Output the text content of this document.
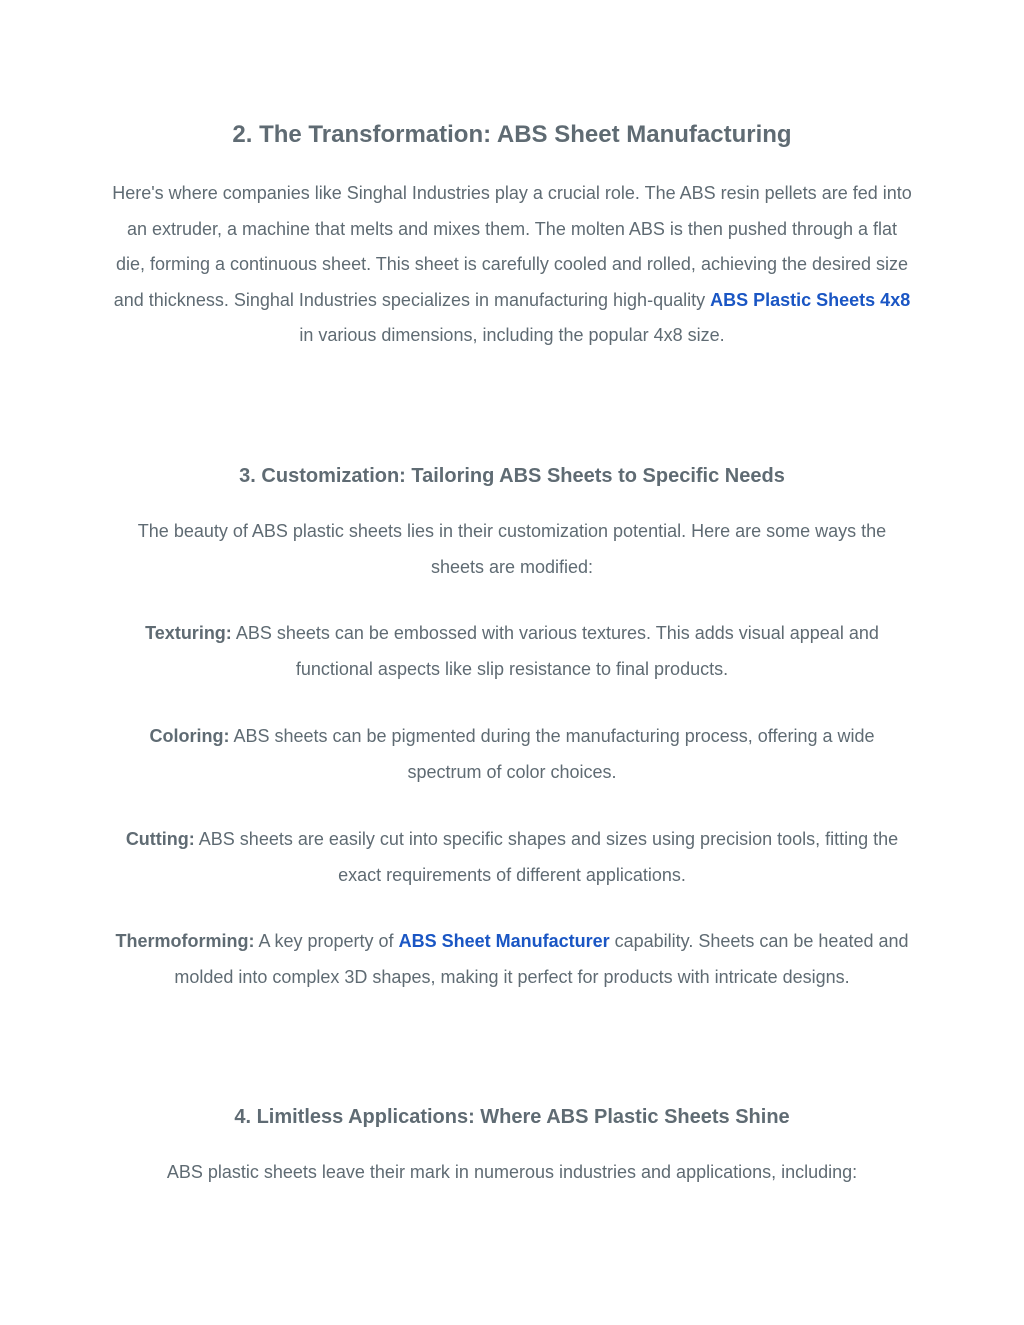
2. The Transformation: ABS Sheet Manufacturing

Here's where companies like Singhal Industries play a crucial role. The ABS resin pellets are fed into an extruder, a machine that melts and mixes them. The molten ABS is then pushed through a flat die, forming a continuous sheet. This sheet is carefully cooled and rolled, achieving the desired size and thickness. Singhal Industries specializes in manufacturing high-quality ABS Plastic Sheets 4x8 in various dimensions, including the popular 4x8 size.

3. Customization: Tailoring ABS Sheets to Specific Needs

The beauty of ABS plastic sheets lies in their customization potential. Here are some ways the sheets are modified:

Texturing: ABS sheets can be embossed with various textures. This adds visual appeal and functional aspects like slip resistance to final products.

Coloring: ABS sheets can be pigmented during the manufacturing process, offering a wide spectrum of color choices.

Cutting: ABS sheets are easily cut into specific shapes and sizes using precision tools, fitting the exact requirements of different applications.

Thermoforming: A key property of ABS Sheet Manufacturer capability. Sheets can be heated and molded into complex 3D shapes, making it perfect for products with intricate designs.

4. Limitless Applications: Where ABS Plastic Sheets Shine

ABS plastic sheets leave their mark in numerous industries and applications, including:
